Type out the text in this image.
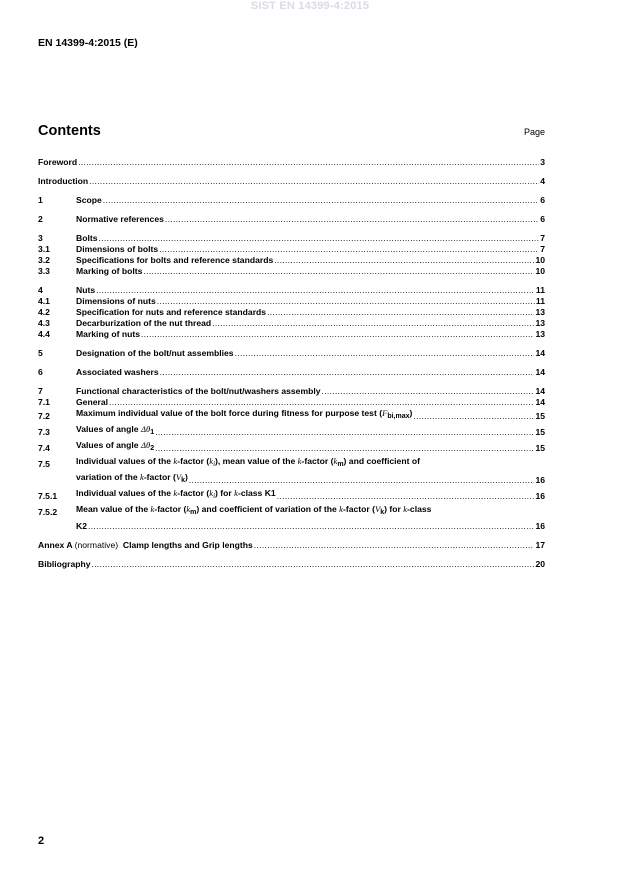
SIST EN 14399-4:2015
EN 14399-4:2015 (E)
Contents	Page
Foreword .....	3
Introduction .....	4
1	Scope .....	6
2	Normative references .....	6
3	Bolts .....	7
3.1	Dimensions of bolts .....	7
3.2	Specifications for bolts and reference standards .....	10
3.3	Marking of bolts .....	10
4	Nuts .....	11
4.1	Dimensions of nuts .....	11
4.2	Specification for nuts and reference standards .....	13
4.3	Decarburization of the nut thread .....	13
4.4	Marking of nuts .....	13
5	Designation of the bolt/nut assemblies .....	14
6	Associated washers .....	14
7	Functional characteristics of the bolt/nut/washers assembly .....	14
7.1	General .....	14
7.2	Maximum individual value of the bolt force during fitness for purpose test $(F_{bi,max})$ .....	15
7.3	Values of angle $\Delta\theta_1$ .....	15
7.4	Values of angle $\Delta\theta_2$ .....	15
7.5	Individual values of the k-factor $(k_i)$, mean value of the k-factor $(k_m)$ and coefficient of
variation of the k-factor $(V_k)$ .....	16
7.5.1	Individual values of the k-factor $(k_i)$ for k-class K1 .....	16
7.5.2	Mean value of the k-factor $(k_m)$ and coefficient of variation of the k-factor $(V_k)$ for k-class
K2 .....	16
Annex A (normative) Clamp lengths and Grip lengths .....	17
Bibliography .....	20
2
